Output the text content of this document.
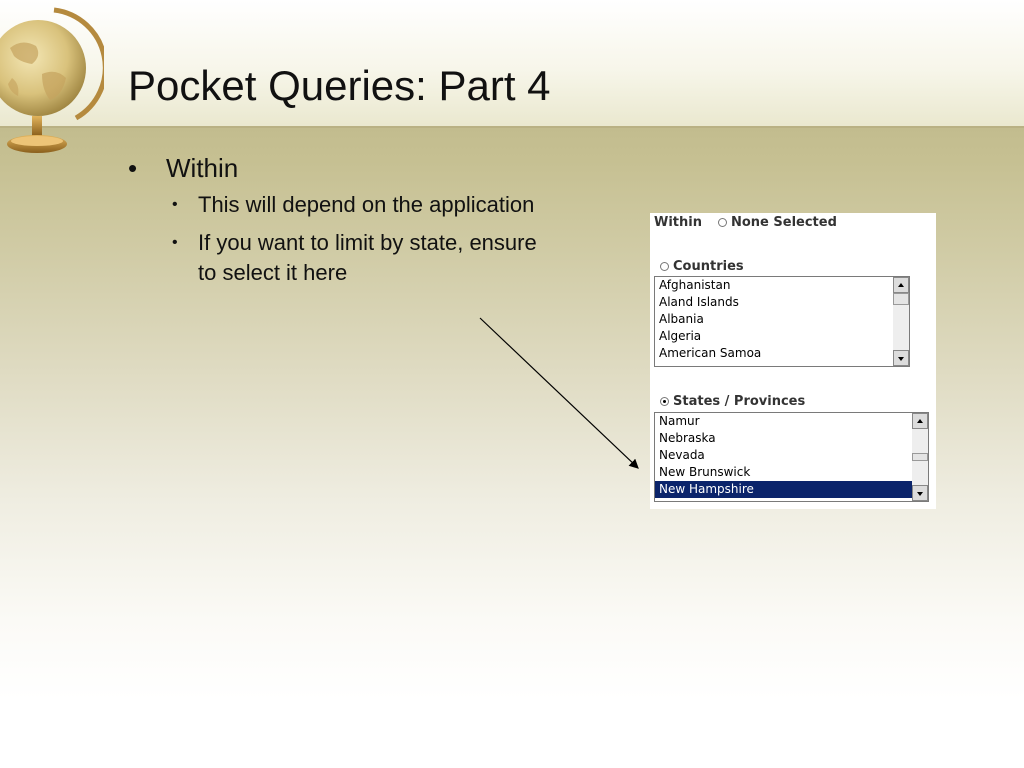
Pocket Queries: Part 4
• Within
• This will depend on the application
• If you want to limit by state, ensure to select it here
Within None Selected
Countries
Afghanistan
Aland Islands
Albania
Algeria
American Samoa
States / Provinces
Namur
Nebraska
Nevada
New Brunswick
New Hampshire
